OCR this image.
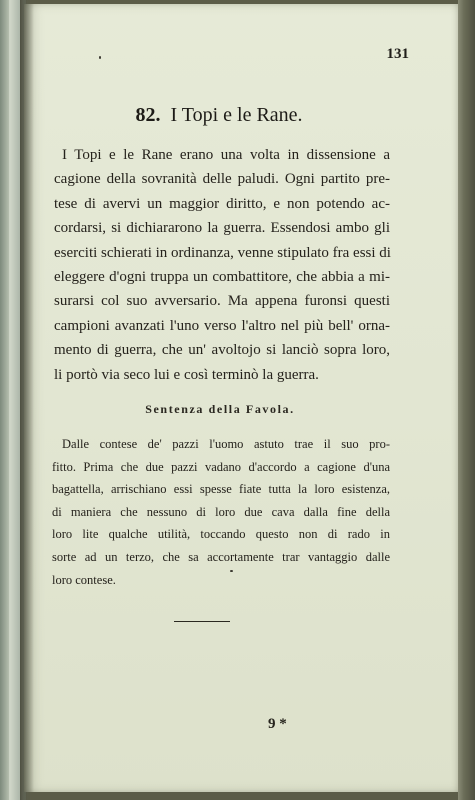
131

82. I Topi e le Rane.
I Topi e le Rane erano una volta in dissensione a
cagione della sovranità delle paludi. Ogni partito pre-
tese di avervi un maggior diritto, e non potendo ac-
cordarsi, si dichiararono la guerra. Essendosi ambo gli
eserciti schierati in ordinanza, venne stipulato fra essi di
eleggere d'ogni truppa un combattitore, che abbia a mi-
surarsi col suo avversario. Ma appena furonsi questi
campioni avanzati l'uno verso l'altro nel più bell' orna-
mento di guerra, che un' avoltojo si lanciò sopra loro,
li portò via seco lui e così terminò la guerra.
Sentenza della Favola.
Dalle contese de' pazzi l'uomo astuto trae il suo pro-
fitto. Prima che due pazzi vadano d'accordo a cagione d'una
bagattella, arrischiano essi spesse fiate tutta la loro esistenza,
di maniera che nessuno di loro due cava dalla fine della
loro lite qualche utilità, toccando questo non di rado in
sorte ad un terzo, che sa accortamente trar vantaggio dalle
loro contese.

9 *
